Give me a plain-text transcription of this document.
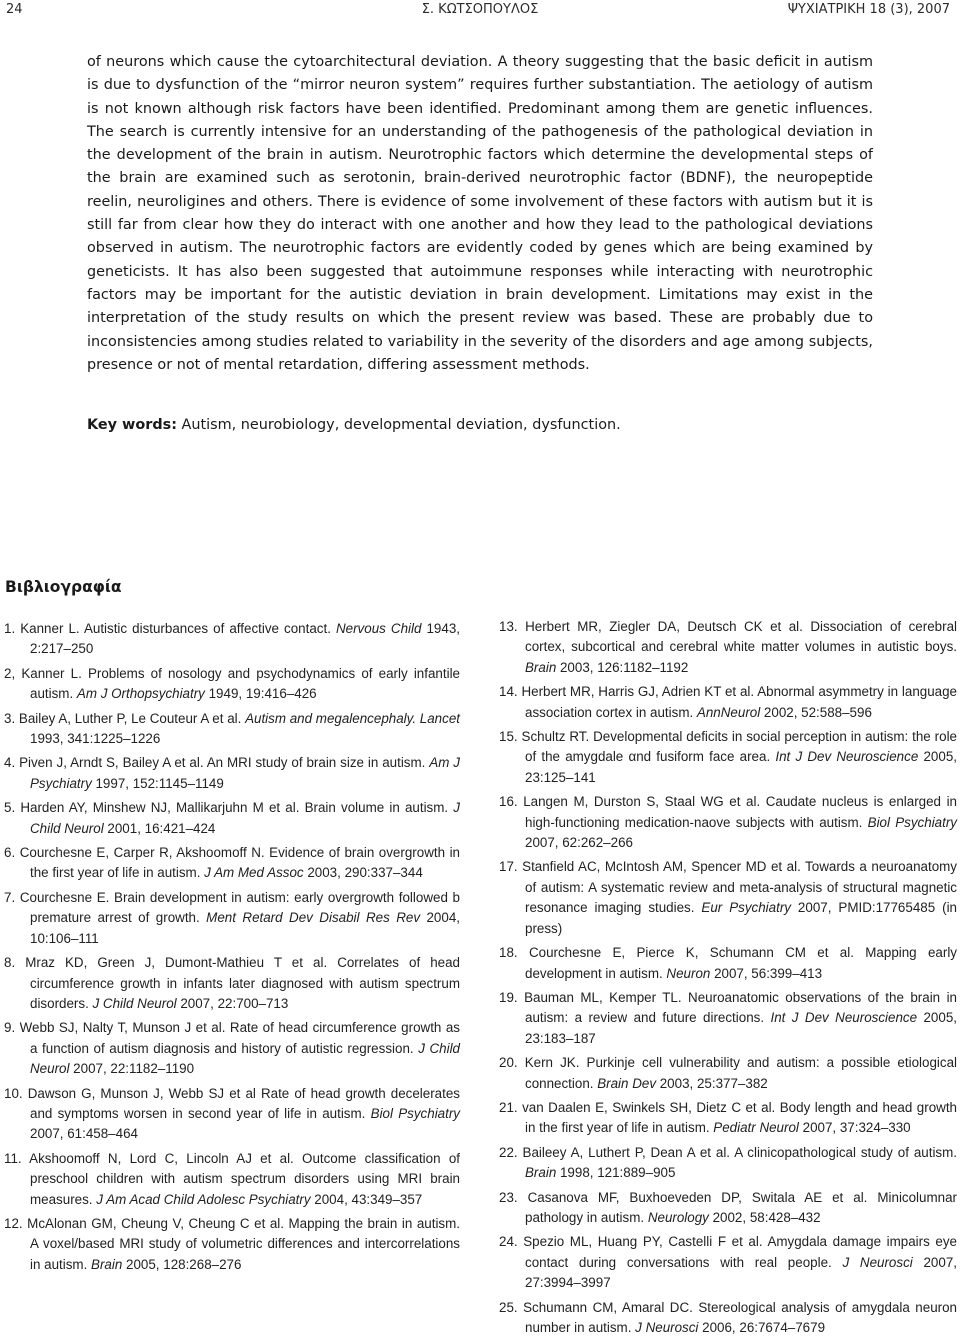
24	Σ. ΚΩΤΣΟΠΟΥΛΟΣ	ΨΥΧΙΑΤΡΙΚΗ 18 (3), 2007

of neurons which cause the cytoarchitectural deviation. A theory suggesting that the basic deficit in autism is due to dysfunction of the “mirror neuron system” requires further substantiation. The aetiology of autism is not known although risk factors have been identified. Predominant among them are genetic influences. The search is currently intensive for an understanding of the pathogenesis of the pathological deviation in the development of the brain in autism. Neurotrophic factors which determine the developmental steps of the brain are examined such as serotonin, brain-derived neurotrophic factor (BDNF), the neuropeptide reelin, neuroligines and others. There is evidence of some involvement of these factors with autism but it is still far from clear how they do interact with one another and how they lead to the pathological deviations observed in autism. The neurotrophic factors are evidently coded by genes which are being examined by geneticists. It has also been suggested that autoimmune responses while interacting with neurotrophic factors may be important for the autistic deviation in brain development. Limitations may exist in the interpretation of the study results on which the present review was based. These are probably due to inconsistencies among studies related to variability in the severity of the disorders and age among subjects, presence or not of mental retardation, differing assessment methods.

Key words: Autism, neurobiology, developmental deviation, dysfunction.
Βιβλιογραφία
1. Kanner L. Autistic disturbances of affective contact. Nervous Child 1943, 2:217–250
2, Kanner L. Problems of nosology and psychodynamics of early infantile autism. Am J Orthopsychiatry 1949, 19:416–426
3. Bailey A, Luther P, Le Couteur A et al. Autism and megalencephaly. Lancet 1993, 341:1225–1226
4. Piven J, Arndt S, Bailey A et al. An MRI study of brain size in autism. Am J Psychiatry 1997, 152:1145–1149
5. Harden AY, Minshew NJ, Mallikarjuhn M et al. Brain volume in autism. J Child Neurol 2001, 16:421–424
6. Courchesne E, Carper R, Akshoomoff N. Evidence of brain overgrowth in the first year of life in autism. J Am Med Assoc 2003, 290:337–344
7. Courchesne E. Brain development in autism: early overgrowth followed b premature arrest of growth. Ment Retard Dev Disabil Res Rev 2004, 10:106–111
8. Mraz KD, Green J, Dumont-Mathieu T et al. Correlates of head circumference growth in infants later diagnosed with autism spectrum disorders. J Child Neurol 2007, 22:700–713
9. Webb SJ, Nalty T, Munson J et al. Rate of head circumference growth as a function of autism diagnosis and history of autistic regression. J Child Neurol 2007, 22:1182–1190
10. Dawson G, Munson J, Webb SJ et al Rate of head growth decelerates and symptoms worsen in second year of life in autism. Biol Psychiatry 2007, 61:458–464
11. Akshoomoff N, Lord C, Lincoln AJ et al. Outcome classification of preschool children with autism spectrum disorders using MRI brain measures. J Am Acad Child Adolesc Psychiatry 2004, 43:349–357
12. McAlonan GM, Cheung V, Cheung C et al. Mapping the brain in autism. A voxel/based MRI study of volumetric differences and intercorrelations in autism. Brain 2005, 128:268–276
13. Herbert MR, Ziegler DA, Deutsch CK et al. Dissociation of cerebral cortex, subcortical and cerebral white matter volumes in autistic boys. Brain 2003, 126:1182–1192
14. Herbert MR, Harris GJ, Adrien KT et al. Abnormal asymmetry in language association cortex in autism. AnnNeurol 2002, 52:588–596
15. Schultz RT. Developmental deficits in social perception in autism: the role of the amygdale αnd fusiform face area. Int J Dev Neuroscience 2005, 23:125–141
16. Langen M, Durston S, Staal WG et al. Caudate nucleus is enlarged in high-functioning medication-naove subjects with autism. Biol Psychiatry 2007, 62:262–266
17. Stanfield AC, McIntosh AM, Spencer MD et al. Towards a neuroanatomy of autism: A systematic review and meta-analysis of structural magnetic resonance imaging studies. Eur Psychiatry 2007, PMID:17765485 (in press)
18. Courchesne E, Pierce K, Schumann CM et al. Mapping early development in autism. Neuron 2007, 56:399–413
19. Bauman ML, Kemper TL. Neuroanatomic observations of the brain in autism: a review and future directions. Int J Dev Neuroscience 2005, 23:183–187
20. Kern JK. Purkinje cell vulnerability and autism: a possible etiological connection. Brain Dev 2003, 25:377–382
21. van Daalen E, Swinkels SH, Dietz C et al. Body length and head growth in the first year of life in autism. Pediatr Neurol 2007, 37:324–330
22. Baileey A, Luthert P, Dean A et al. A clinicopathological study of autism. Brain 1998, 121:889–905
23. Casanova MF, Buxhoeveden DP, Switala AE et al. Minicolumnar pathology in autism. Neurology 2002, 58:428–432
24. Spezio ML, Huang PY, Castelli F et al. Amygdala damage impairs eye contact during conversations with real people. J Neurosci 2007, 27:3994–3997
25. Schumann CM, Amaral DC. Stereological analysis of amygdala neuron number in autism. J Neurosci 2006, 26:7674–7679
